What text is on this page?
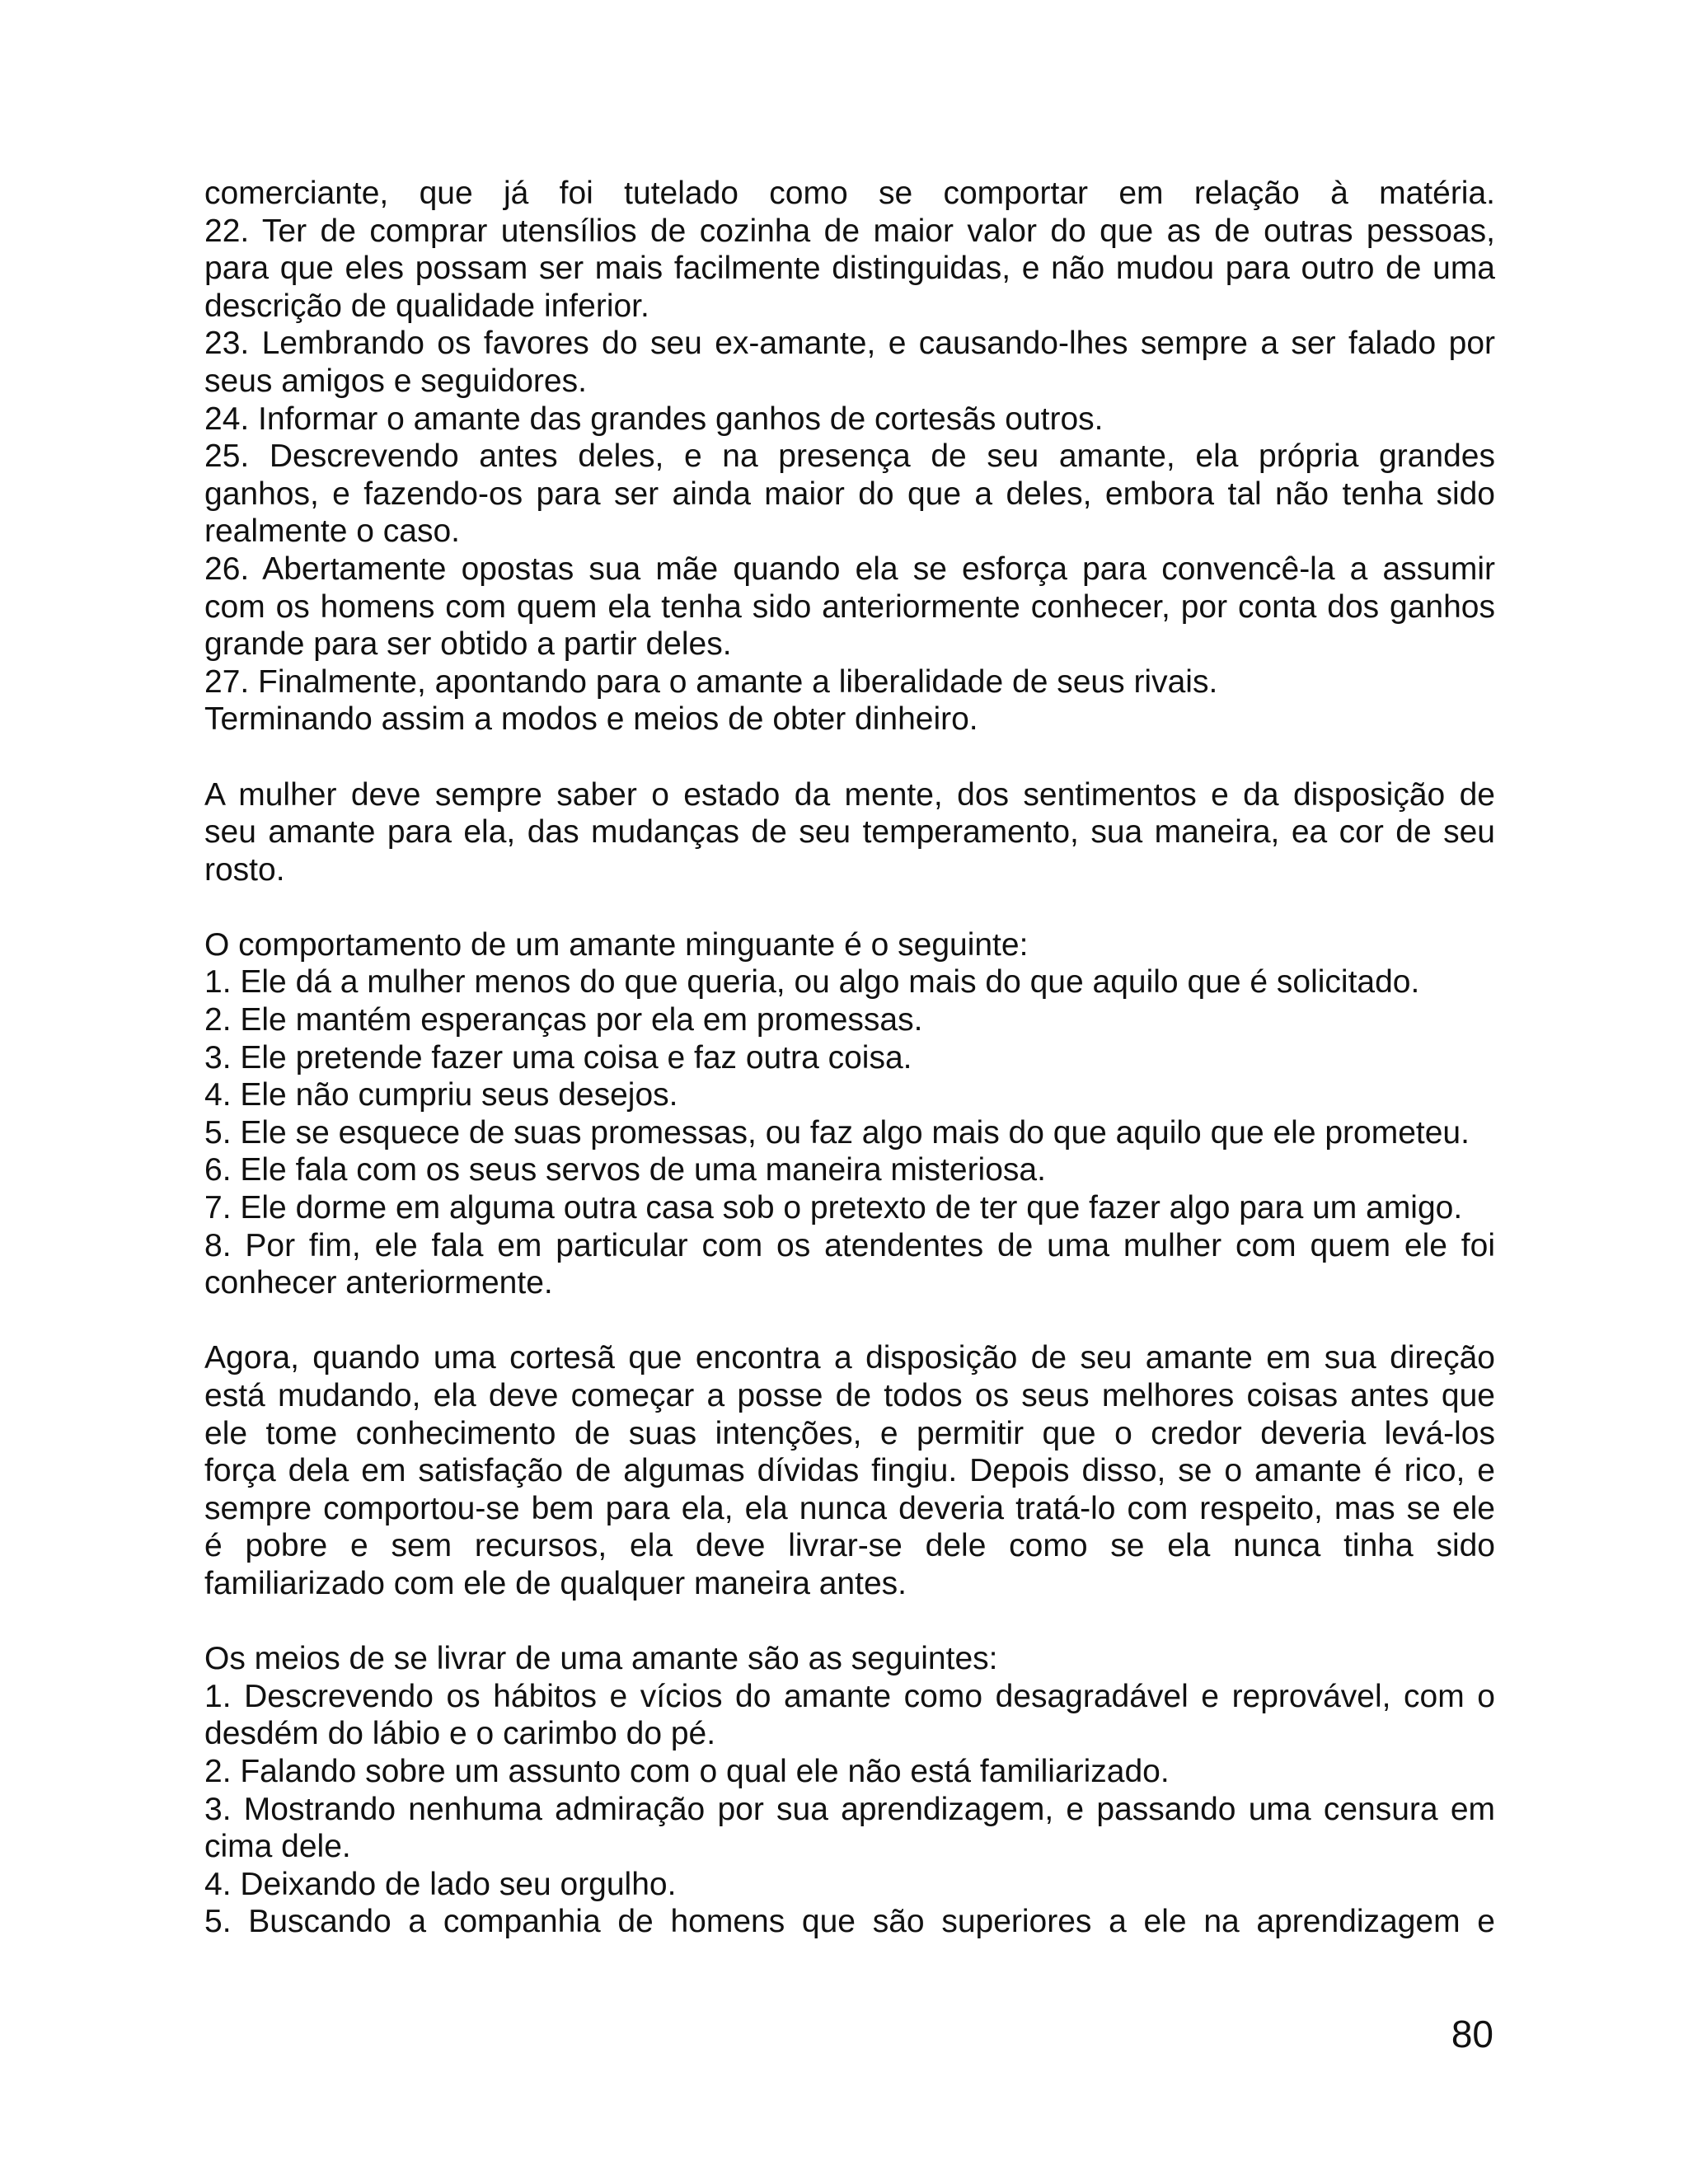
comerciante, que já foi tutelado como se comportar em relação à matéria.
22. Ter de comprar utensílios de cozinha de maior valor do que as de outras pessoas,
para que eles possam ser mais facilmente distinguidas, e não mudou para outro de uma
descrição de qualidade inferior.
23. Lembrando os favores do seu ex-amante, e causando-lhes sempre a ser falado por
seus amigos e seguidores.
24. Informar o amante das grandes ganhos de cortesãs outros.
25. Descrevendo antes deles, e na presença de seu amante, ela própria grandes
ganhos, e fazendo-os para ser ainda maior do que a deles, embora tal não tenha sido
realmente o caso.
26. Abertamente opostas sua mãe quando ela se esforça para convencê-la a assumir
com os homens com quem ela tenha sido anteriormente conhecer, por conta dos ganhos
grande para ser obtido a partir deles.
27. Finalmente, apontando para o amante a liberalidade de seus rivais.
Terminando assim a modos e meios de obter dinheiro.
A mulher deve sempre saber o estado da mente, dos sentimentos e da disposição de
seu amante para ela, das mudanças de seu temperamento, sua maneira, ea cor de seu
rosto.
O comportamento de um amante minguante é o seguinte:
1. Ele dá a mulher menos do que queria, ou algo mais do que aquilo que é solicitado.
2. Ele mantém esperanças por ela em promessas.
3. Ele pretende fazer uma coisa e faz outra coisa.
4. Ele não cumpriu seus desejos.
5. Ele se esquece de suas promessas, ou faz algo mais do que aquilo que ele prometeu.
6. Ele fala com os seus servos de uma maneira misteriosa.
7. Ele dorme em alguma outra casa sob o pretexto de ter que fazer algo para um amigo.
8. Por fim, ele fala em particular com os atendentes de uma mulher com quem ele foi
conhecer anteriormente.
Agora, quando uma cortesã que encontra a disposição de seu amante em sua direção
está mudando, ela deve começar a posse de todos os seus melhores coisas antes que
ele tome conhecimento de suas intenções, e permitir que o credor deveria levá-los
força dela em satisfação de algumas dívidas fingiu. Depois disso, se o amante é rico, e
sempre comportou-se bem para ela, ela nunca deveria tratá-lo com respeito, mas se ele
é pobre e sem recursos, ela deve livrar-se dele como se ela nunca tinha sido
familiarizado com ele de qualquer maneira antes.
Os meios de se livrar de uma amante são as seguintes:
1. Descrevendo os hábitos e vícios do amante como desagradável e reprovável, com o
desdém do lábio e o carimbo do pé.
2. Falando sobre um assunto com o qual ele não está familiarizado.
3. Mostrando nenhuma admiração por sua aprendizagem, e passando uma censura em
cima dele.
4. Deixando de lado seu orgulho.
5. Buscando a companhia de homens que são superiores a ele na aprendizagem e
80
